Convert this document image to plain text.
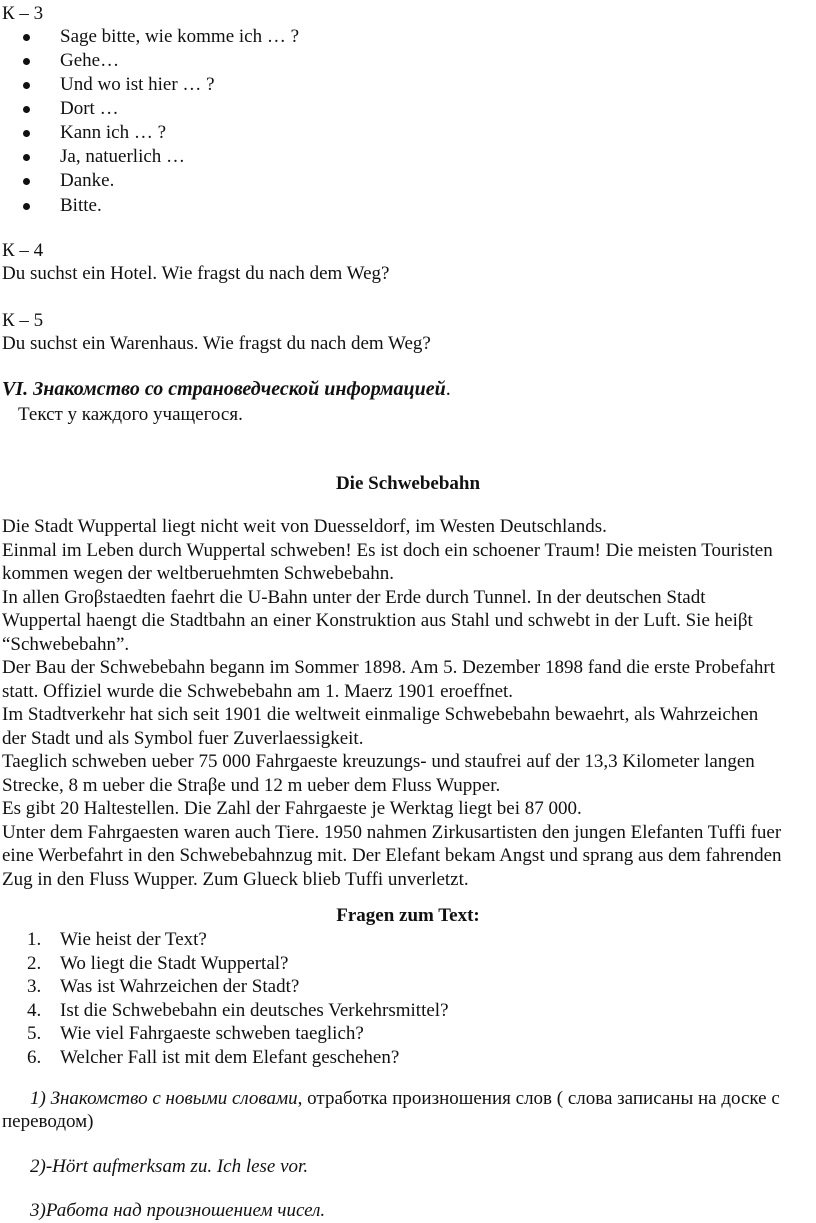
К – 3
Sage bitte, wie komme ich … ?
Gehe…
Und wo ist hier … ?
Dort …
Kann ich … ?
Ja, natuerlich …
Danke.
Bitte.
К – 4
Du suchst ein Hotel. Wie fragst du nach dem Weg?
К – 5
Du suchst ein Warenhaus. Wie fragst du nach dem Weg?
VI. Знакомство со страноведческой информацией.
Текст у каждого учащегося.
Die Schwebebahn
Die Stadt Wuppertal liegt nicht weit von Duesseldorf, im Westen Deutschlands.
Einmal im Leben durch Wuppertal schweben! Es ist doch ein schoener Traum! Die meisten Touristen
kommen wegen der weltberuehmten Schwebebahn.
In allen Groβstaedten faehrt die U-Bahn unter der Erde durch Tunnel. In der deutschen Stadt
Wuppertal haengt die Stadtbahn an einer Konstruktion aus Stahl und schwebt in der Luft. Sie heiβt
“Schwebebahn”.
Der Bau der Schwebebahn begann im Sommer 1898. Am 5. Dezember 1898 fand die erste Probefahrt
statt. Offiziel wurde die Schwebebahn am 1. Maerz 1901 eroeffnet.
Im Stadtverkehr hat sich seit 1901 die weltweit einmalige Schwebebahn bewaehrt, als Wahrzeichen
der Stadt und als Symbol fuer Zuverlaessigkeit.
Taeglich schweben ueber 75 000 Fahrgaeste kreuzungs- und staufrei auf der 13,3 Kilometer langen
Strecke, 8 m ueber die Straβe und 12 m ueber dem Fluss Wupper.
Es gibt 20 Haltestellen. Die Zahl der Fahrgaeste je Werktag liegt bei 87 000.
Unter dem Fahrgaesten waren auch Tiere. 1950 nahmen Zirkusartisten den jungen Elefanten Tuffi fuer
eine Werbefahrt in den Schwebebahnzug mit. Der Elefant bekam Angst und sprang aus dem fahrenden
Zug in den Fluss Wupper. Zum Glueck blieb Tuffi unverletzt.
Fragen zum Text:
1. Wie heist der Text?
2. Wo liegt die Stadt Wuppertal?
3. Was ist Wahrzeichen der Stadt?
4. Ist die Schwebebahn ein deutsches Verkehrsmittel?
5. Wie viel Fahrgaeste schweben taeglich?
6. Welcher Fall ist mit dem Elefant geschehen?
1) Знакомство с новыми словами, отработка произношения слов ( слова записаны на доске с
переводом)
2)-Hört aufmerksam zu. Ich lese vor.
3)Работа над произношением чисел.
